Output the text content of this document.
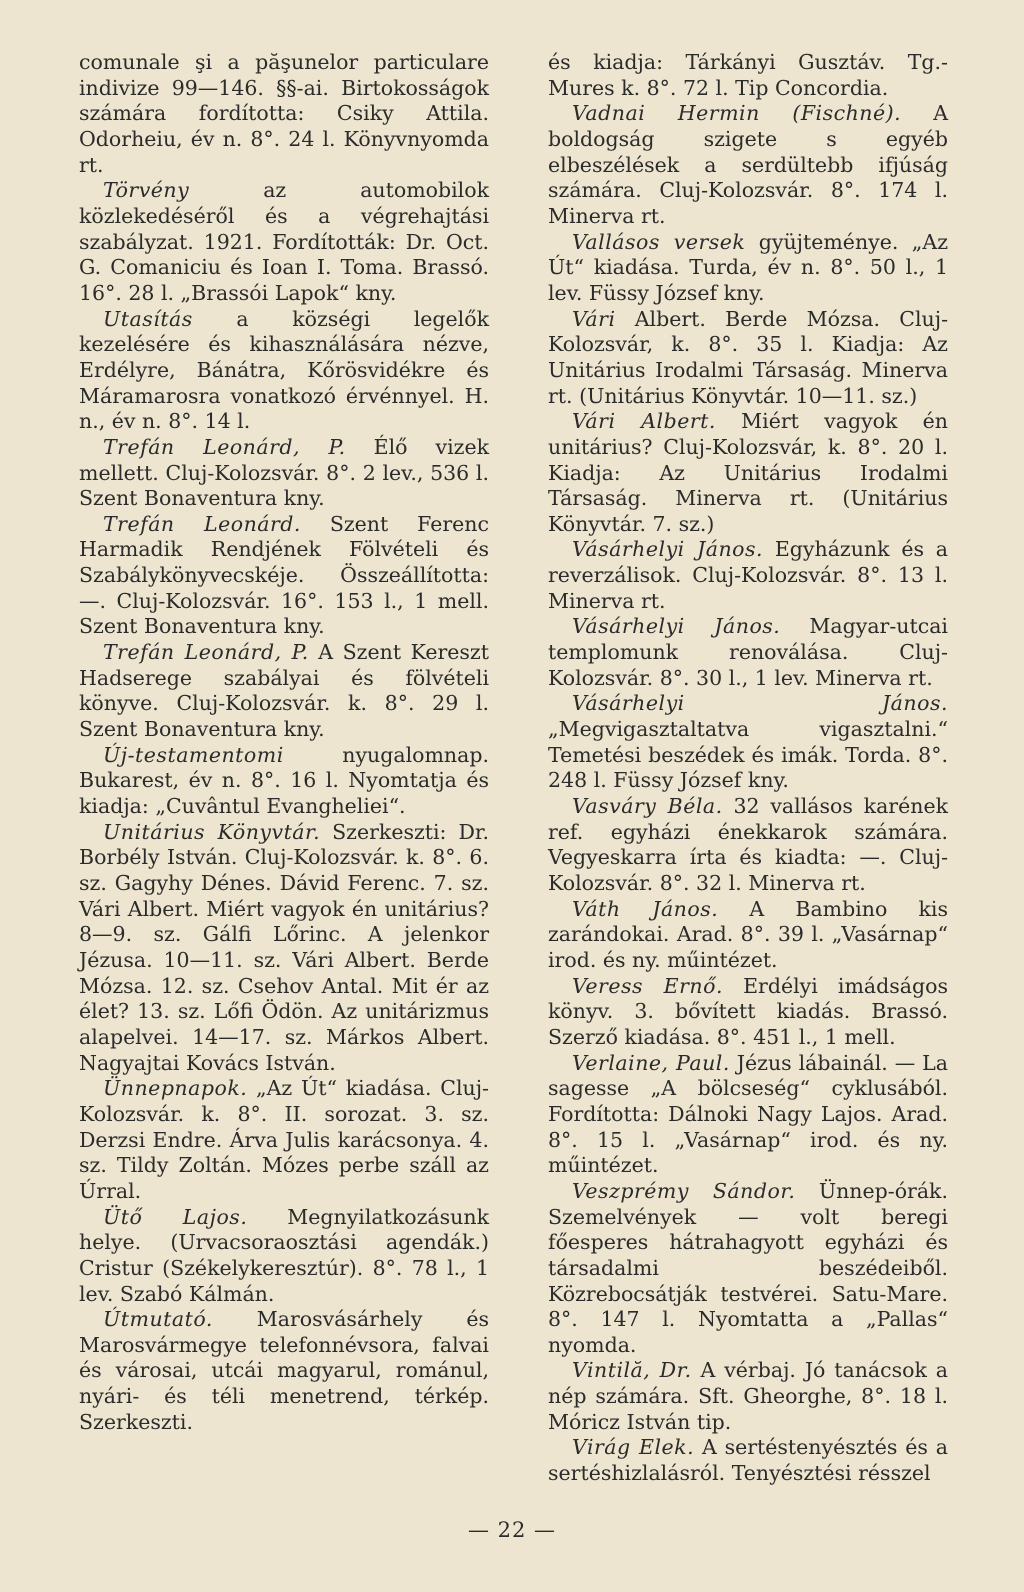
comunale şi a păşunelor particulare indivize 99—146. §§-ai. Birtokosságok számára fordította: Csiky Attila. Odorheiu, év n. 8°. 24 l. Könyvnyomda rt.

Törvény az automobilok közlekedéséről és a végrehajtási szabályzat. 1921. Fordították: Dr. Oct. G. Comaniciu és Ioan I. Toma. Brassó. 16°. 28 l. „Brassói Lapok“ kny.

Utasítás a községi legelők kezelésére és kihasználására nézve, Erdélyre, Bánátra, Kőrösvidékre és Máramarosra vonatkozó érvénnyel. H. n., év n. 8°. 14 l.

Trefán Leonárd, P. Élő vizek mellett. Cluj-Kolozsvár. 8°. 2 lev., 536 l. Szent Bonaventura kny.

Trefán Leonárd. Szent Ferenc Harmadik Rendjének Fölvételi és Szabálykönyvecskéje. Összeállította: —. Cluj-Kolozsvár. 16°. 153 l., 1 mell. Szent Bonaventura kny.

Trefán Leonárd, P. A Szent Kereszt Hadserege szabályai és fölvételi könyve. Cluj-Kolozsvár. k. 8°. 29 l. Szent Bonaventura kny.

Új-testamentomi nyugalomnap. Bukarest, év n. 8°. 16 l. Nyomtatja és kiadja: „Cuvântul Evangheliei“.

Unitárius Könyvtár. Szerkeszti: Dr. Borbély István. Cluj-Kolozsvár. k. 8°. 6. sz. Gagyhy Dénes. Dávid Ferenc. 7. sz. Vári Albert. Miért vagyok én unitárius? 8—9. sz. Gálfi Lőrinc. A jelenkor Jézusa. 10—11. sz. Vári Albert. Berde Mózsa. 12. sz. Csehov Antal. Mit ér az élet? 13. sz. Lőfi Ödön. Az unitárizmus alapelvei. 14—17. sz. Márkos Albert. Nagyajtai Kovács István.

Ünnepnapok. „Az Út“ kiadása. Cluj-Kolozsvár. k. 8°. II. sorozat. 3. sz. Derzsi Endre. Árva Julis karácsonya. 4. sz. Tildy Zoltán. Mózes perbe száll az Úrral.

Ütő Lajos. Megnyilatkozásunk helye. (Urvacsoraosztási agendák.) Cristur (Székelykeresztúr). 8°. 78 l., 1 lev. Szabó Kálmán.

Útmutató. Marosvásárhely és Marosvármegye telefonnévsora, falvai és városai, utcái magyarul, románul, nyári- és téli menetrend, térkép. Szerkeszti.

és kiadja: Tárkányi Gusztáv. Tg.-Mures k. 8°. 72 l. Tip Concordia.

Vadnai Hermin (Fischné). A boldogság szigete s egyéb elbeszélések a serdültebb ifjúság számára. Cluj-Kolozsvár. 8°. 174 l. Minerva rt.

Vallásos versek gyüjteménye. „Az Út“ kiadása. Turda, év n. 8°. 50 l., 1 lev. Füssy József kny.

Vári Albert. Berde Mózsa. Cluj-Kolozsvár, k. 8°. 35 l. Kiadja: Az Unitárius Irodalmi Társaság. Minerva rt. (Unitárius Könyvtár. 10—11. sz.)

Vári Albert. Miért vagyok én unitárius? Cluj-Kolozsvár, k. 8°. 20 l. Kiadja: Az Unitárius Irodalmi Társaság. Minerva rt. (Unitárius Könyvtár. 7. sz.)

Vásárhelyi János. Egyházunk és a reverzálisok. Cluj-Kolozsvár. 8°. 13 l. Minerva rt.

Vásárhelyi János. Magyar-utcai templomunk renoválása. Cluj-Kolozsvár. 8°. 30 l., 1 lev. Minerva rt.

Vásárhelyi János. „Megvigasztaltatva vigasztalni.“ Temetési beszédek és imák. Torda. 8°. 248 l. Füssy József kny.

Vasváry Béla. 32 vallásos karének ref. egyházi énekkarok számára. Vegyeskarra írta és kiadta: —. Cluj-Kolozsvár. 8°. 32 l. Minerva rt.

Váth János. A Bambino kis zarándokai. Arad. 8°. 39 l. „Vasárnap“ irod. és ny. műintézet.

Veress Ernő. Erdélyi imádságos könyv. 3. bővített kiadás. Brassó. Szerző kiadása. 8°. 451 l., 1 mell.

Verlaine, Paul. Jézus lábainál. — La sagesse „A bölcseség“ cyklusából. Fordította: Dálnoki Nagy Lajos. Arad. 8°. 15 l. „Vasárnap“ irod. és ny. műintézet.

Veszprémy Sándor. Ünnep-órák. Szemelvények — volt beregi főesperes hátrahagyott egyházi és társadalmi beszédeiből. Közrebocsátják testvérei. Satu-Mare. 8°. 147 l. Nyomtatta a „Pallas“ nyomda.

Vintilă, Dr. A vérbaj. Jó tanácsok a nép számára. Sft. Gheorghe, 8°. 18 l. Móricz István tip.

Virág Elek. A sertéstenyésztés és a sertéshizlalásról. Tenyésztési résszel

— 22 —
